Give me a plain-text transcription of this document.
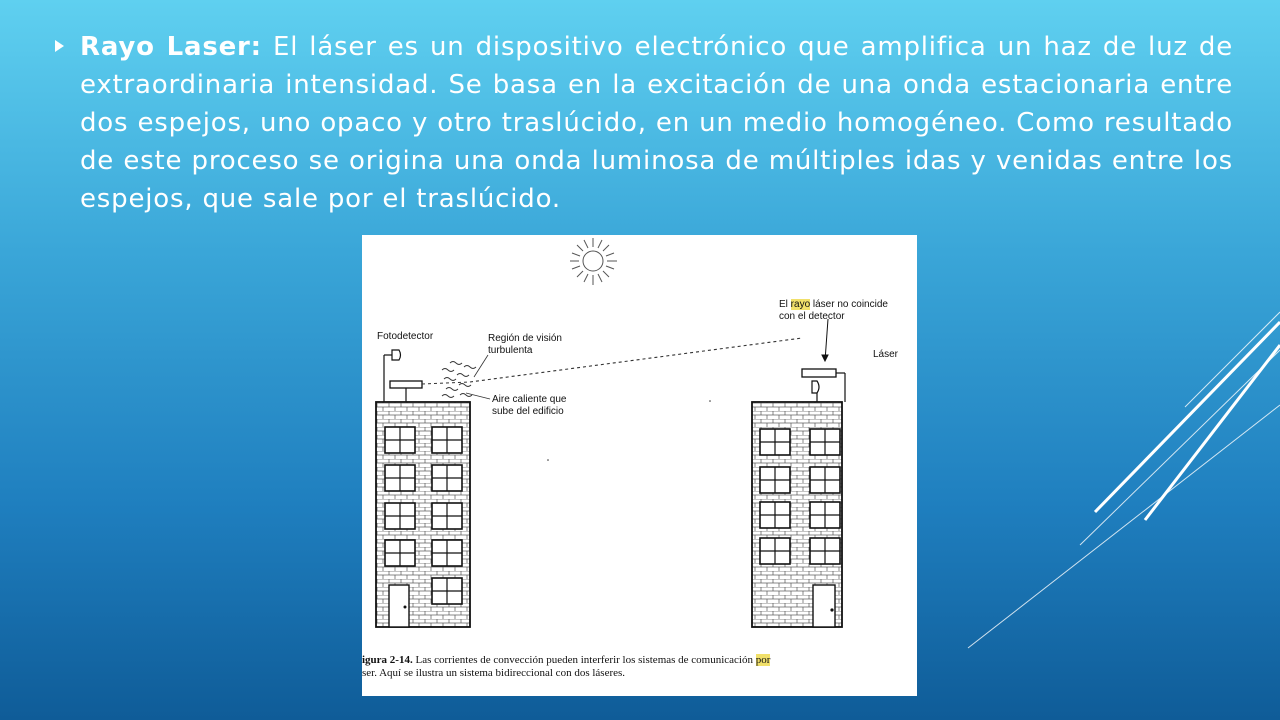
Rayo Laser: El láser es un dispositivo electrónico que amplifica un haz de luz de extraordinaria intensidad. Se basa en la excitación de una onda estacionaria entre dos espejos, uno opaco y otro traslúcido, en un medio homogéneo. Como resultado de este proceso se origina una onda luminosa de múltiples idas y venidas entre los espejos, que sale por el traslúcido.

Fotodetector	Región de visión
turbulenta
Aire caliente que
sube del edificio
El rayo láser no coincide
con el detector
Láser
igura 2-14. Las corrientes de convección pueden interferir los sistemas de comunicación por
ser. Aquí se ilustra un sistema bidireccional con dos láseres.
